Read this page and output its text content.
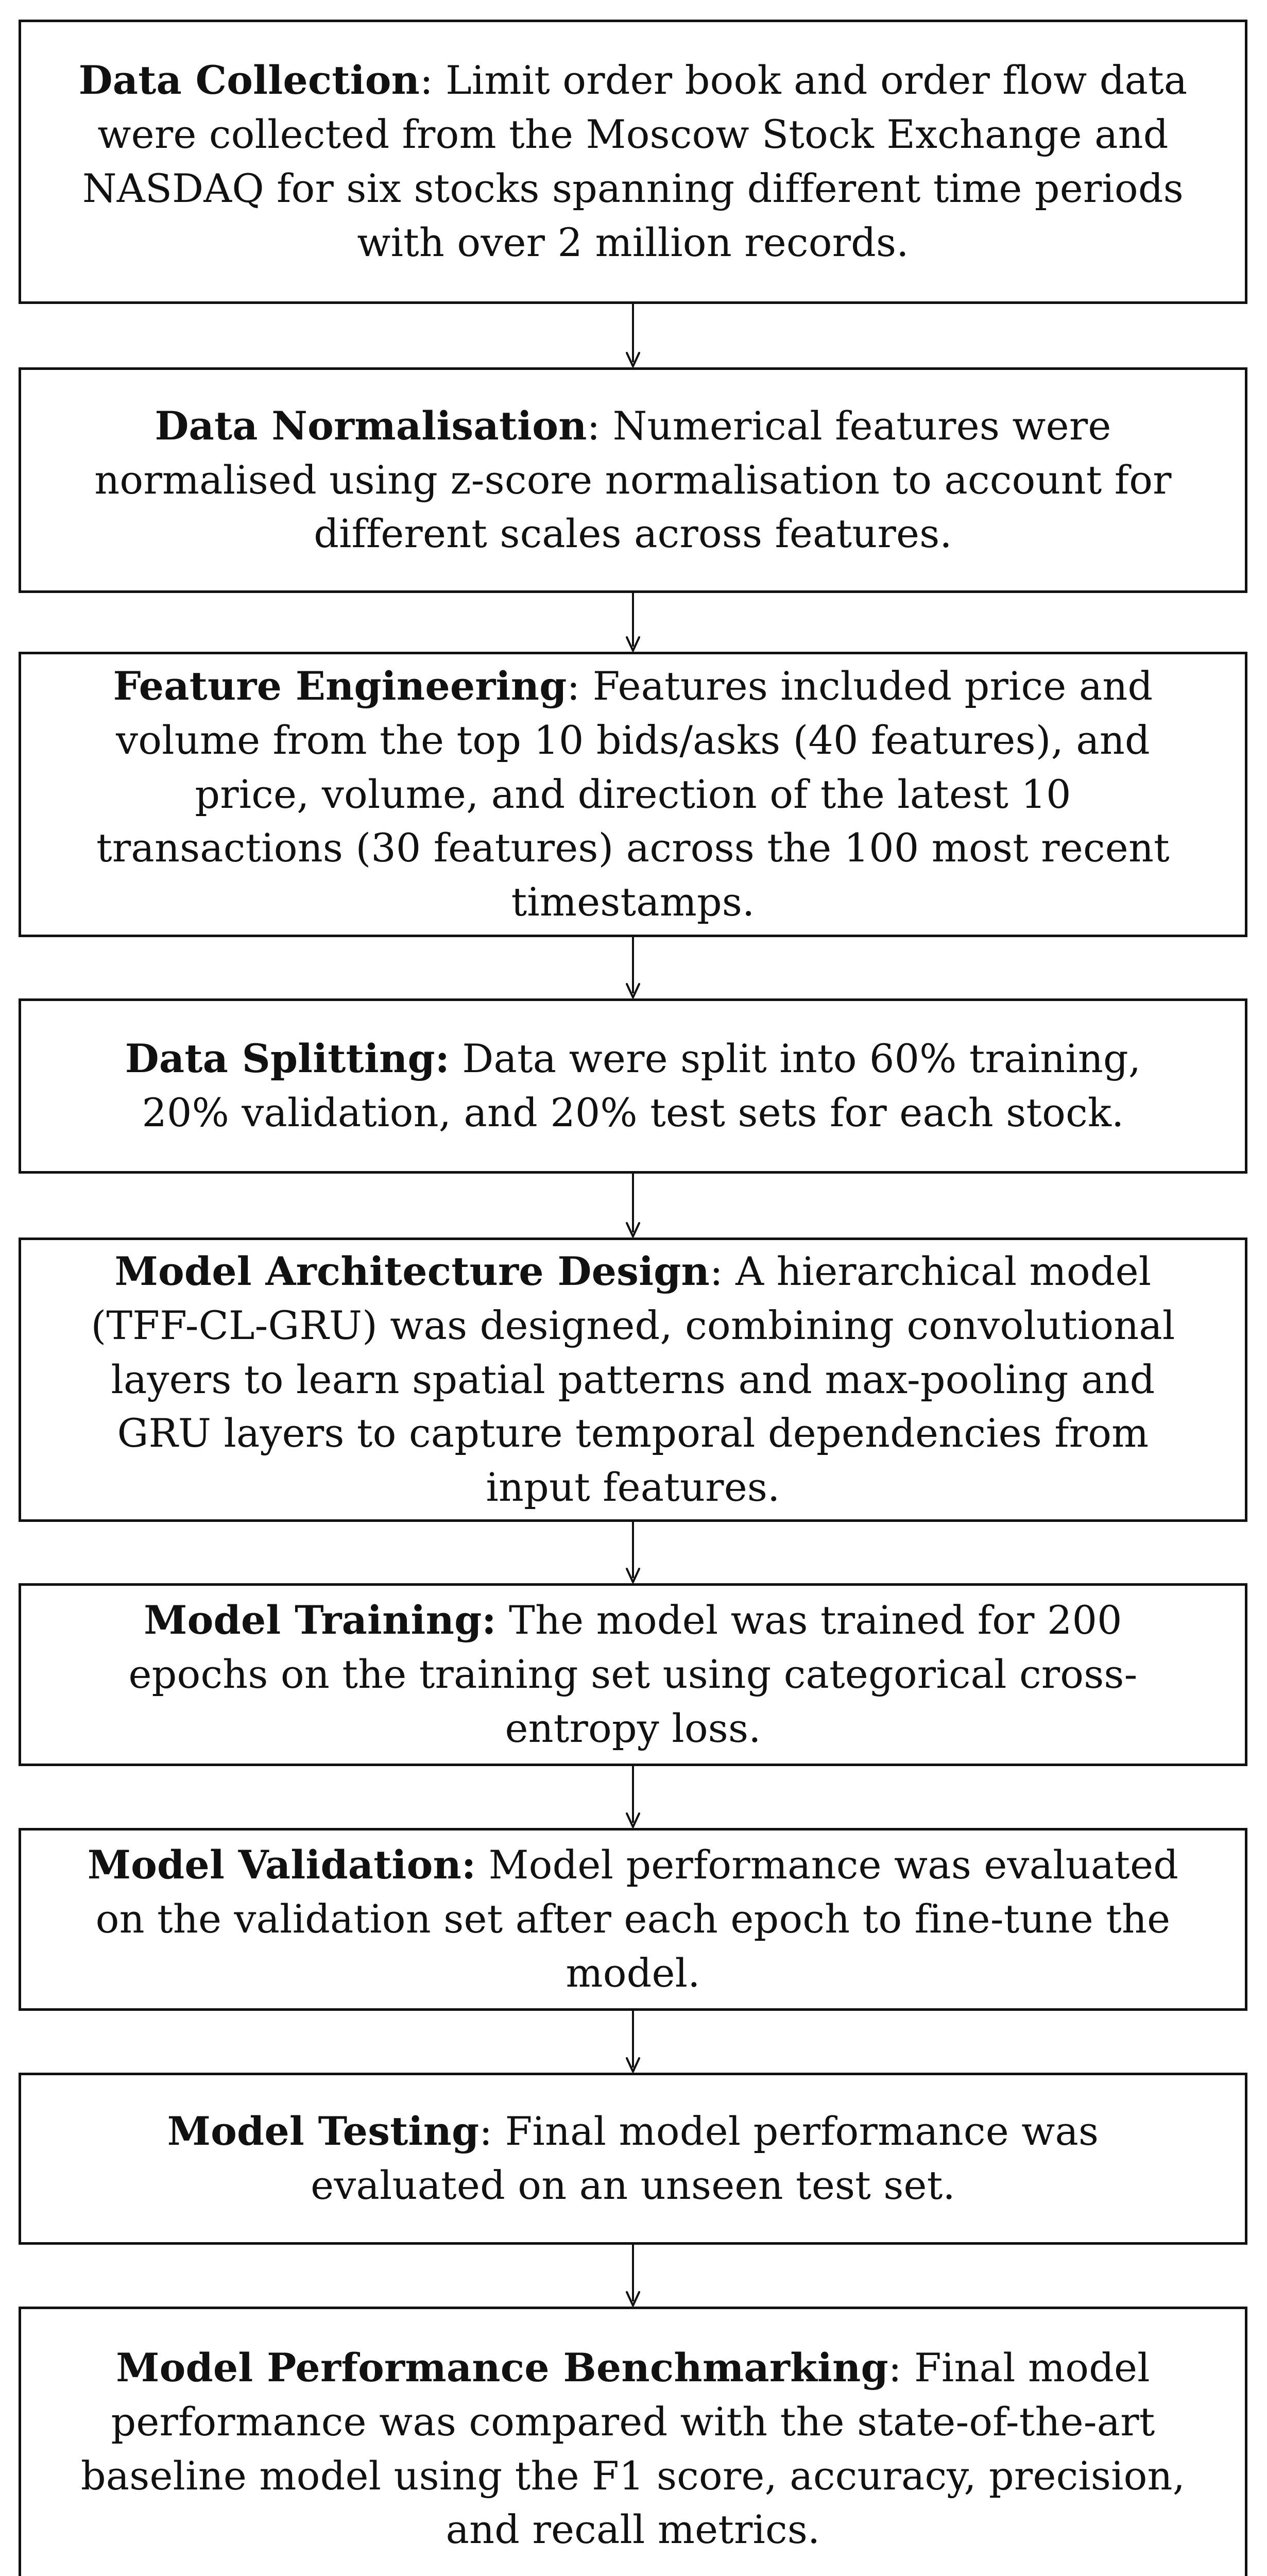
Data Collection: Limit order book and order flow data were collected from the Moscow Stock Exchange and NASDAQ for six stocks spanning different time periods with over 2 million records.
Data Normalisation: Numerical features were normalised using z-score normalisation to account for different scales across features.
Feature Engineering: Features included price and volume from the top 10 bids/asks (40 features), and price, volume, and direction of the latest 10 transactions (30 features) across the 100 most recent timestamps.
Data Splitting: Data were split into 60% training, 20% validation, and 20% test sets for each stock.
Model Architecture Design: A hierarchical model (TFF-CL-GRU) was designed, combining convolutional layers to learn spatial patterns and max-pooling and GRU layers to capture temporal dependencies from input features.
Model Training: The model was trained for 200 epochs on the training set using categorical cross-entropy loss.
Model Validation: Model performance was evaluated on the validation set after each epoch to fine-tune the model.
Model Testing: Final model performance was evaluated on an unseen test set.
Model Performance Benchmarking: Final model performance was compared with the state-of-the-art baseline model using the F1 score, accuracy, precision, and recall metrics.
